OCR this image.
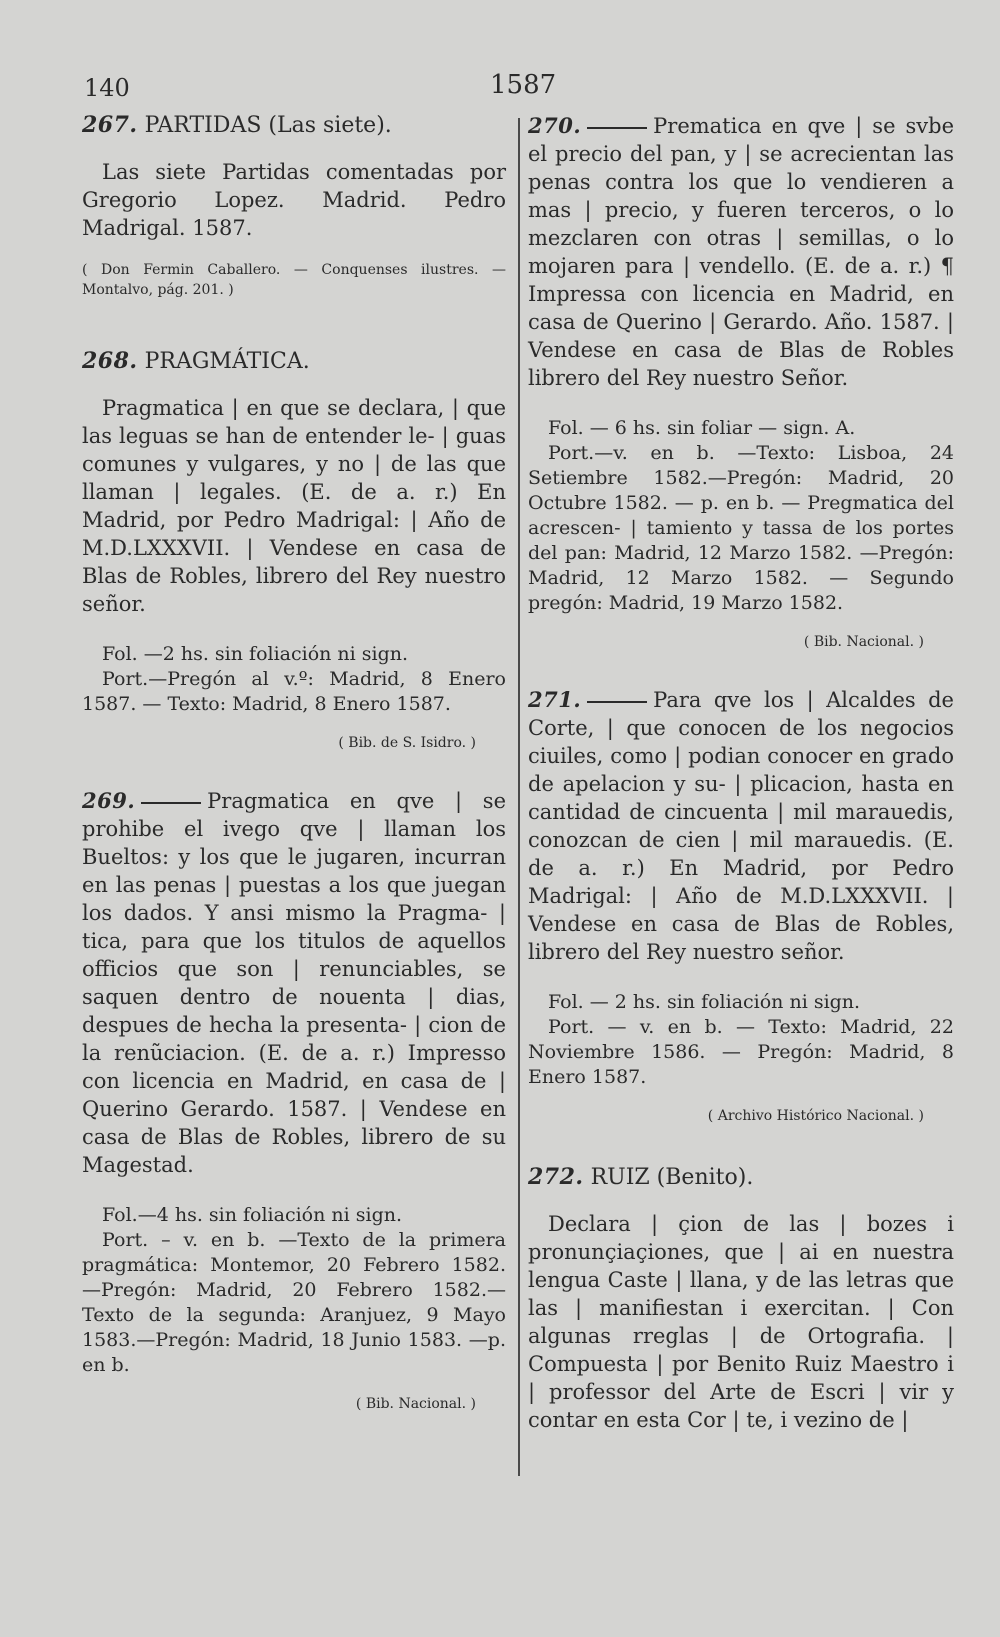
140	1587

267. PARTIDAS (Las siete).

Las siete Partidas comentadas por Gregorio Lopez. Madrid. Pedro Madrigal. 1587.

( Don Fermin Caballero. — Conquenses ilustres. —Montalvo, pág. 201. )

268. PRAGMÁTICA.

Pragmatica | en que se declara, | que las leguas se han de entender le- | guas comunes y vulgares, y no | de las que llaman | legales. (E. de a. r.) En Madrid, por Pedro Madrigal: | Año de M.D.LXXXVII. | Vendese en casa de Blas de Robles, librero del Rey nuestro señor.

Fol. —2 hs. sin foliación ni sign.

Port.—Pregón al v.º: Madrid, 8 Enero 1587. — Texto: Madrid, 8 Enero 1587.

( Bib. de S. Isidro. )

269.	Pragmatica en qve | se prohibe el ivego qve | llaman los Bueltos: y los que le jugaren, incurran en las penas | puestas a los que juegan los dados. Y ansi mismo la Pragma- | tica, para que los titulos de aquellos officios que son | renunciables, se saquen dentro de nouenta | dias, despues de hecha la presenta- | cion de la renũciacion. (E. de a. r.) Impresso con licencia en Madrid, en casa de | Querino Gerardo. 1587. | Vendese en casa de Blas de Robles, librero de su Magestad.

Fol.—4 hs. sin foliación ni sign.

Port. – v. en b. —Texto de la primera pragmática: Montemor, 20 Febrero 1582. —Pregón: Madrid, 20 Febrero 1582.— Texto de la segunda: Aranjuez, 9 Mayo 1583.—Pregón: Madrid, 18 Junio 1583. —p. en b.

( Bib. Nacional. )

270.	Prematica en qve | se svbe el precio del pan, y | se acrecientan las penas contra los que lo vendieren a mas | precio, y fueren terceros, o lo mezclaren con otras | semillas, o lo mojaren para | vendello. (E. de a. r.) ¶ Impressa con licencia en Madrid, en casa de Querino | Gerardo. Año. 1587. | Vendese en casa de Blas de Robles librero del Rey nuestro Señor.

Fol. — 6 hs. sin foliar — sign. A.

Port.—v. en b. —Texto: Lisboa, 24 Setiembre 1582.—Pregón: Madrid, 20 Octubre 1582. — p. en b. — Pregmatica del acrescen- | tamiento y tassa de los portes del pan: Madrid, 12 Marzo 1582. —Pregón: Madrid, 12 Marzo 1582. — Segundo pregón: Madrid, 19 Marzo 1582.

( Bib. Nacional. )

271.	Para qve los | Alcaldes de Corte, | que conocen de los negocios ciuiles, como | podian conocer en grado de apelacion y su- | plicacion, hasta en cantidad de cincuenta | mil marauedis, conozcan de cien | mil marauedis. (E. de a. r.) En Madrid, por Pedro Madrigal: | Año de M.D.LXXXVII. | Vendese en casa de Blas de Robles, librero del Rey nuestro señor.

Fol. — 2 hs. sin foliación ni sign.

Port. — v. en b. — Texto: Madrid, 22 Noviembre 1586. — Pregón: Madrid, 8 Enero 1587.

( Archivo Histórico Nacional. )

272. RUIZ (Benito).

Declara | çion de las | bozes i pronunçiaçiones, que | ai en nuestra lengua Caste | llana, y de las letras que las | manifiestan i exercitan. | Con algunas rreglas | de Ortografia. | Compuesta | por Benito Ruiz Maestro i | professor del Arte de Escri | vir y contar en esta Cor | te, i vezino de |
